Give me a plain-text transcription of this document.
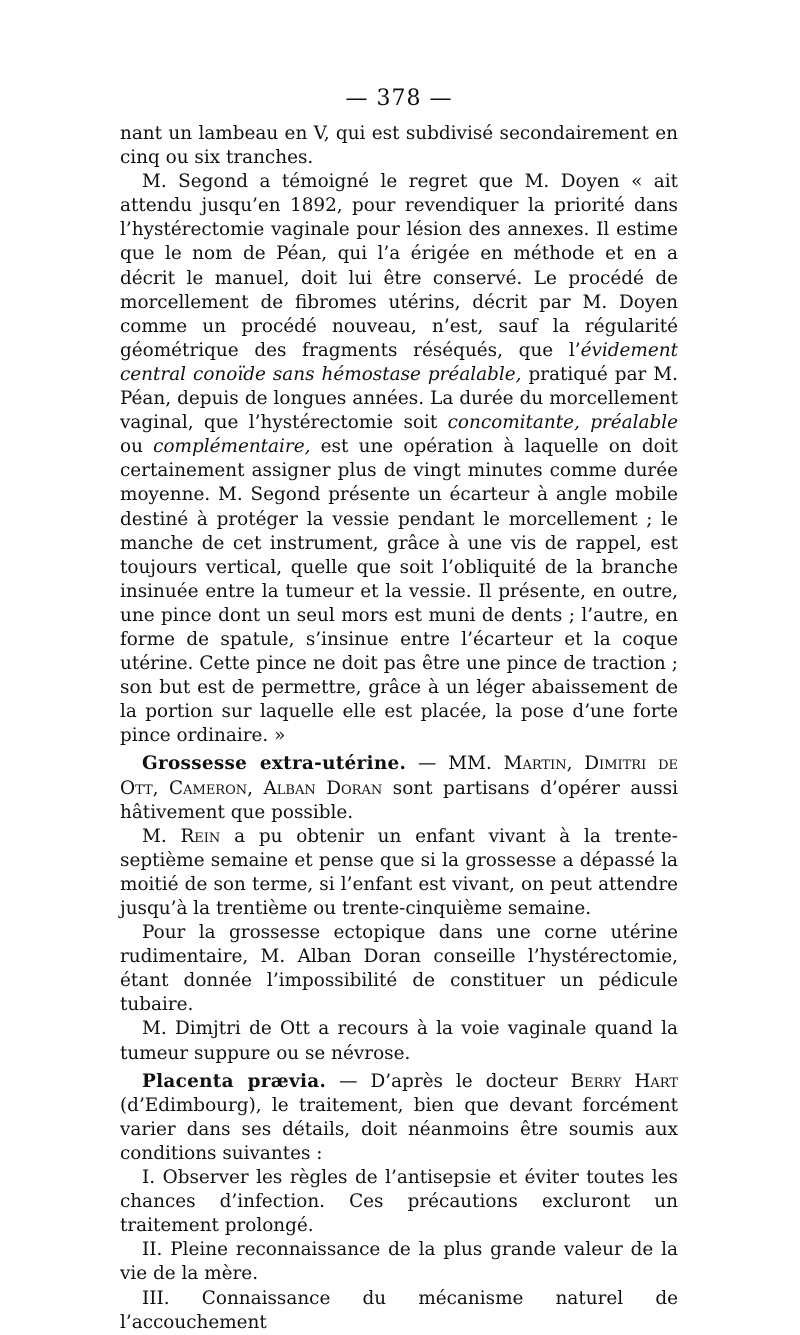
— 378 —

nant un lambeau en V, qui est subdivisé secondairement en cinq ou six tranches.

M. Segond a témoigné le regret que M. Doyen « ait attendu jusqu’en 1892, pour revendiquer la priorité dans l’hystérectomie vaginale pour lésion des annexes. Il estime que le nom de Péan, qui l’a érigée en méthode et en a décrit le manuel, doit lui être conservé. Le procédé de morcellement de fibromes utérins, décrit par M. Doyen comme un procédé nouveau, n’est, sauf la régularité géométrique des fragments réséqués, que l’évidement central conoïde sans hémostase préalable, pratiqué par M. Péan, depuis de longues années. La durée du morcellement vaginal, que l’hystérectomie soit concomitante, préalable ou complémentaire, est une opération à laquelle on doit certainement assigner plus de vingt minutes comme durée moyenne. M. Segond présente un écarteur à angle mobile destiné à protéger la vessie pendant le morcellement ; le manche de cet instrument, grâce à une vis de rappel, est toujours vertical, quelle que soit l’obliquité de la branche insinuée entre la tumeur et la vessie. Il présente, en outre, une pince dont un seul mors est muni de dents ; l’autre, en forme de spatule, s’insinue entre l’écarteur et la coque utérine. Cette pince ne doit pas être une pince de traction ; son but est de permettre, grâce à un léger abaissement de la portion sur laquelle elle est placée, la pose d’une forte pince ordinaire. »

Grossesse extra-utérine. — MM. Martin, Dimitri de Ott, Cameron, Alban Doran sont partisans d’opérer aussi hâtivement que possible.

M. Rein a pu obtenir un enfant vivant à la trente-septième semaine et pense que si la grossesse a dépassé la moitié de son terme, si l’enfant est vivant, on peut attendre jusqu’à la trentième ou trente-cinquième semaine.

Pour la grossesse ectopique dans une corne utérine rudimentaire, M. Alban Doran conseille l’hystérectomie, étant donnée l’impossibilité de constituer un pédicule tubaire.

M. Dimjtri de Ott a recours à la voie vaginale quand la tumeur suppure ou se névrose.

Placenta prævia. — D’après le docteur Berry Hart (d’Edimbourg), le traitement, bien que devant forcément varier dans ses détails, doit néanmoins être soumis aux conditions suivantes :

I. Observer les règles de l’antisepsie et éviter toutes les chances d’infection. Ces précautions excluront un traitement prolongé.

II. Pleine reconnaissance de la plus grande valeur de la vie de la mère.

III. Connaissance du mécanisme naturel de l’accouchement
